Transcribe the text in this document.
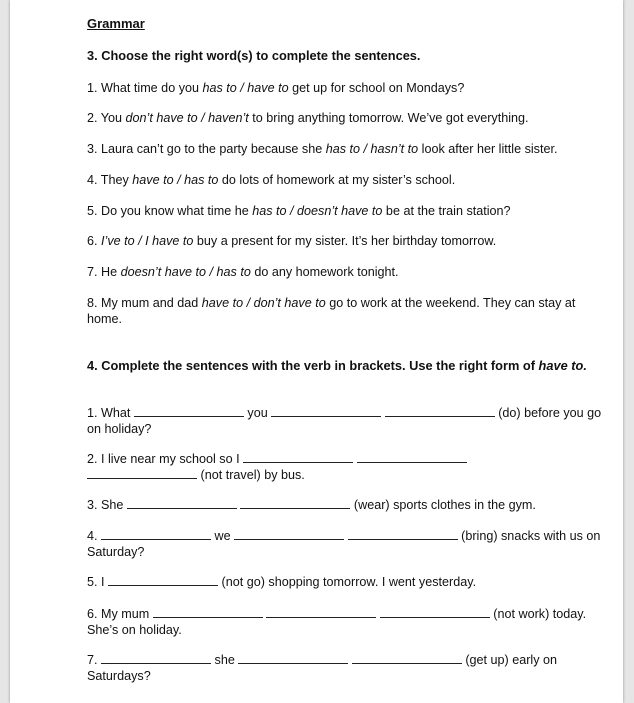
Grammar
3. Choose the right word(s) to complete the sentences.
1. What time do you has to / have to get up for school on Mondays?
2. You don’t have to / haven’t to bring anything tomorrow. We’ve got everything.
3. Laura can’t go to the party because she has to / hasn’t to look after her little sister.
4. They have to / has to do lots of homework at my sister’s school.
5. Do you know what time he has to / doesn’t have to be at the train station?
6. I’ve to / I have to buy a present for my sister. It’s her birthday tomorrow.
7. He doesn’t have to / has to do any homework tonight.
8. My mum and dad have to / don’t have to go to work at the weekend. They can stay at home.
4. Complete the sentences with the verb in brackets. Use the right form of have to.
1. What	you	(do) before you go on holiday?
2. I live near my school so I
(not travel) by bus.
3. She	(wear) sports clothes in the gym.
4.	we	(bring) snacks with us on Saturday?
5. I	(not go) shopping tomorrow. I went yesterday.
6. My mum	(not work) today. She’s on holiday.
7.	she	(get up) early on Saturdays?
